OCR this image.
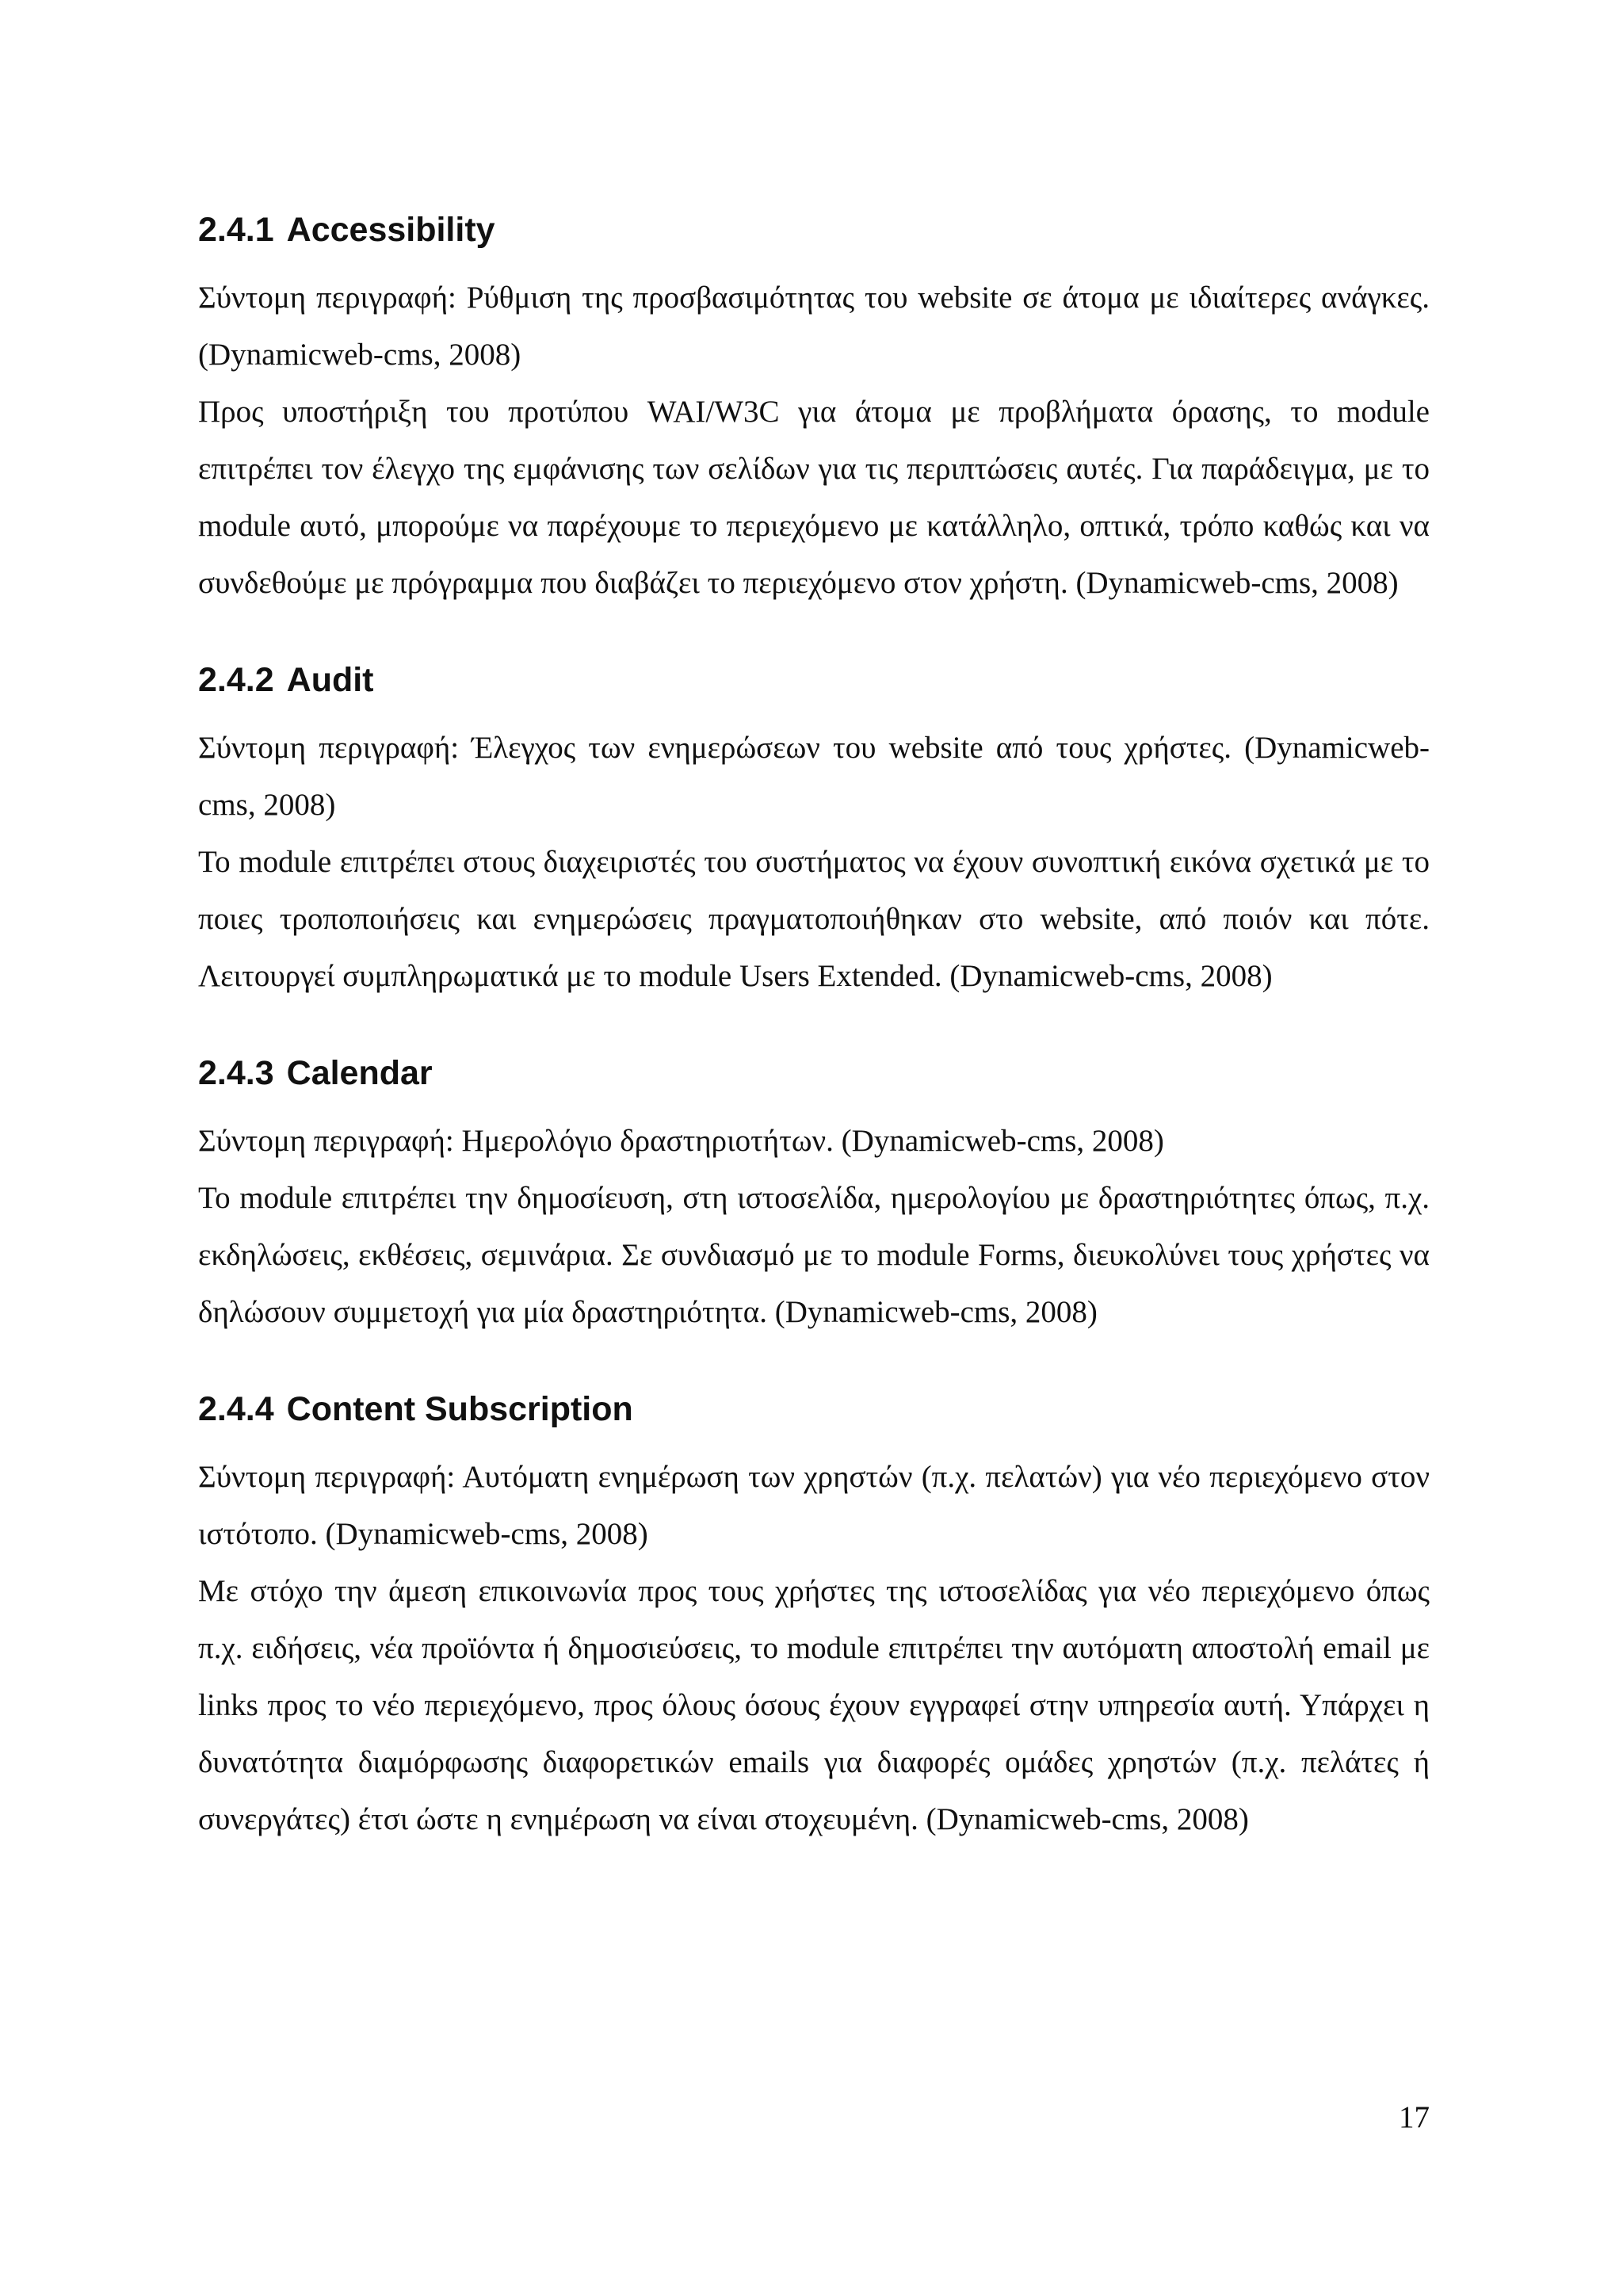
2.4.1 Accessibility

Σύντομη περιγραφή: Ρύθμιση της προσβασιμότητας του website σε άτομα με ιδιαίτερες ανάγκες. (Dynamicweb-cms, 2008)

Προς υποστήριξη του προτύπου WAI/W3C για άτομα με προβλήματα όρασης, το module επιτρέπει τον έλεγχο της εμφάνισης των σελίδων για τις περιπτώσεις αυτές. Για παράδειγμα, με το module αυτό, μπορούμε να παρέχουμε το περιεχόμενο με κατάλληλο, οπτικά, τρόπο καθώς και να συνδεθούμε με πρόγραμμα που διαβάζει το περιεχόμενο στον χρήστη. (Dynamicweb-cms, 2008)

2.4.2 Audit

Σύντομη περιγραφή: Έλεγχος των ενημερώσεων του website από τους χρήστες. (Dynamicweb-cms, 2008)

Το module επιτρέπει στους διαχειριστές του συστήματος να έχουν συνοπτική εικόνα σχετικά με το ποιες τροποποιήσεις και ενημερώσεις πραγματοποιήθηκαν στο website, από ποιόν και πότε. Λειτουργεί συμπληρωματικά με το module Users Extended. (Dynamicweb-cms, 2008)

2.4.3 Calendar

Σύντομη περιγραφή: Ημερολόγιο δραστηριοτήτων. (Dynamicweb-cms, 2008)

Το module επιτρέπει την δημοσίευση, στη ιστοσελίδα, ημερολογίου με δραστηριότητες όπως, π.χ. εκδηλώσεις, εκθέσεις, σεμινάρια. Σε συνδιασμό με το module Forms, διευκολύνει τους χρήστες να δηλώσουν συμμετοχή για μία δραστηριότητα. (Dynamicweb-cms, 2008)

2.4.4 Content Subscription

Σύντομη περιγραφή: Αυτόματη ενημέρωση των χρηστών (π.χ. πελατών) για νέο περιεχόμενο στον ιστότοπο. (Dynamicweb-cms, 2008)

Με στόχο την άμεση επικοινωνία προς τους χρήστες της ιστοσελίδας για νέο περιεχόμενο όπως π.χ. ειδήσεις, νέα προϊόντα ή δημοσιεύσεις, το module επιτρέπει την αυτόματη αποστολή email με links προς το νέο περιεχόμενο, προς όλους όσους έχουν εγγραφεί στην υπηρεσία αυτή. Υπάρχει η δυνατότητα διαμόρφωσης διαφορετικών emails για διαφορές ομάδες χρηστών (π.χ. πελάτες ή συνεργάτες) έτσι ώστε η ενημέρωση να είναι στοχευμένη. (Dynamicweb-cms, 2008)

17
